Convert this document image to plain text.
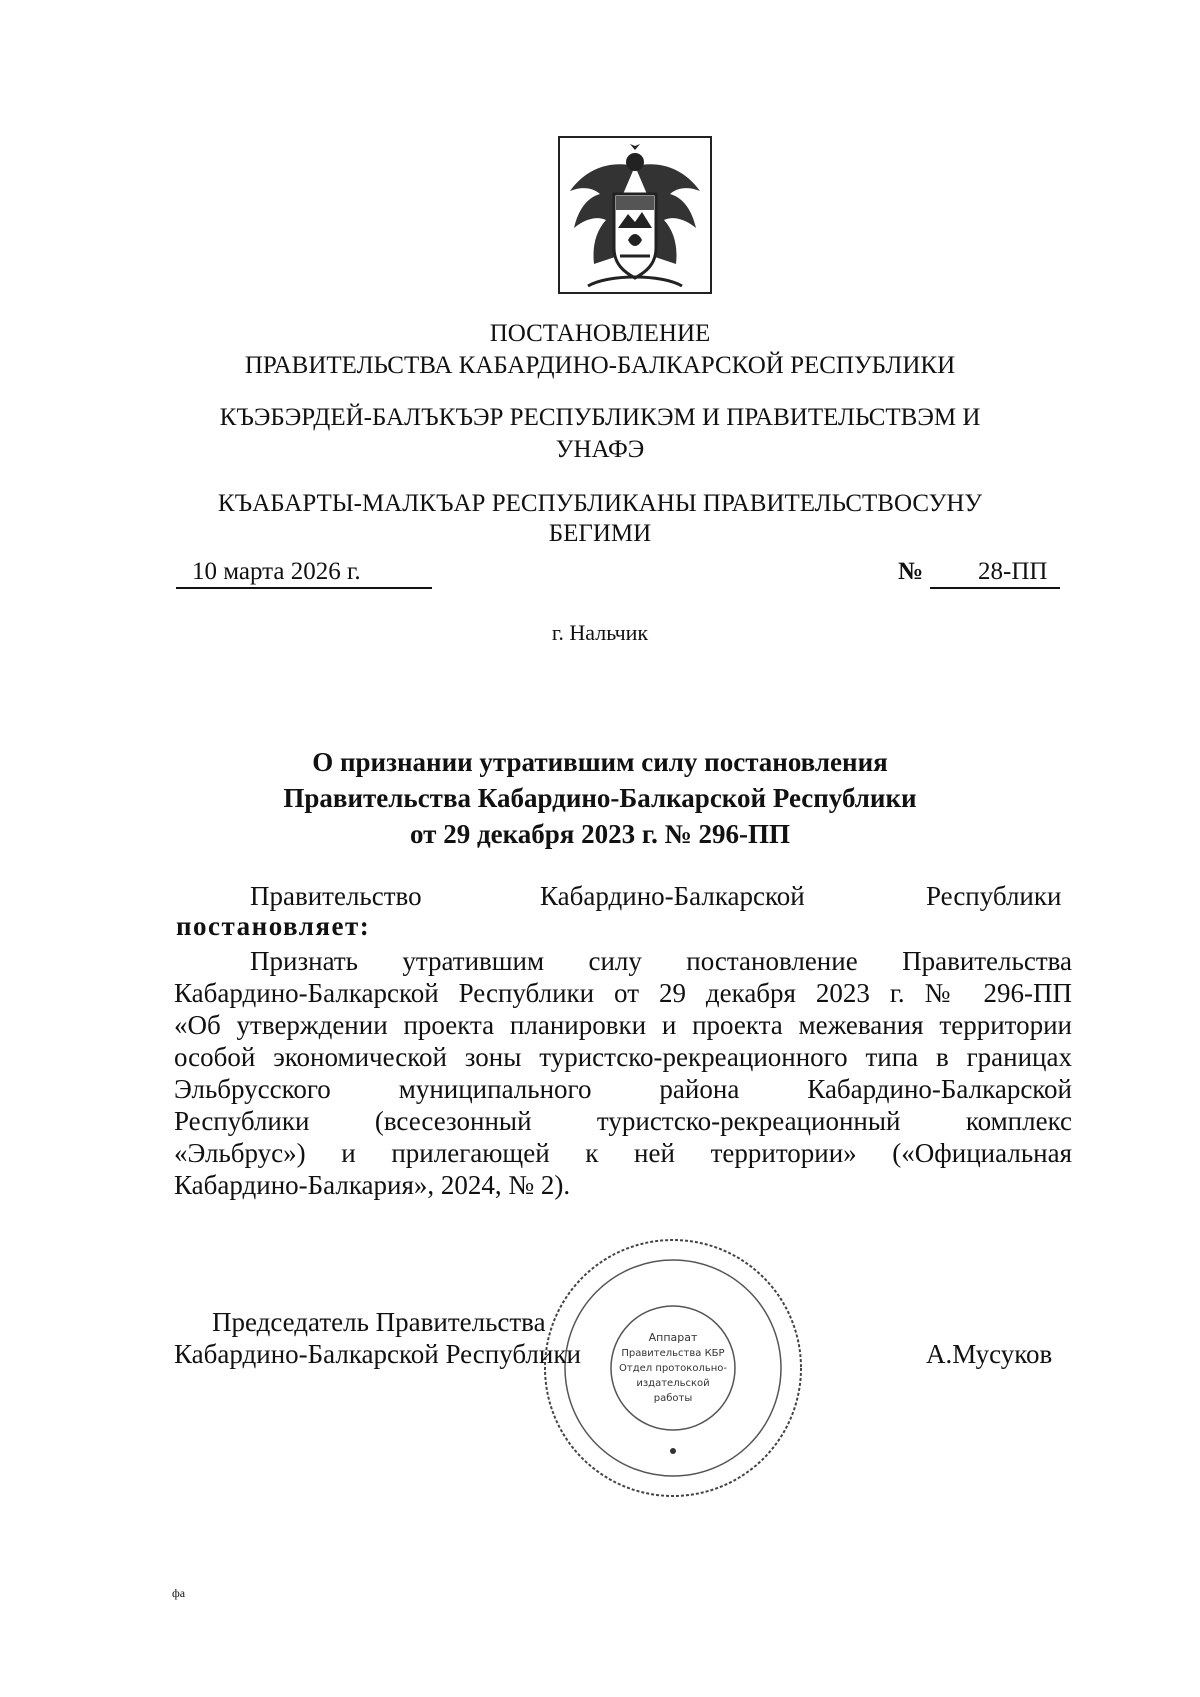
ПОСТАНОВЛЕНИЕ
ПРАВИТЕЛЬСТВА КАБАРДИНО-БАЛКАРСКОЙ РЕСПУБЛИКИ
КЪЭБЭРДЕЙ-БАЛЪКЪЭР РЕСПУБЛИКЭМ И ПРАВИТЕЛЬСТВЭМ И
УНАФЭ
КЪАБАРТЫ-МАЛКЪАР РЕСПУБЛИКАНЫ ПРАВИТЕЛЬСТВОСУНУ
БЕГИМИ
10 марта 2026 г.	№ 28-ПП
г. Нальчик
О признании утратившим силу постановления
Правительства Кабардино-Балкарской Республики
от 29 декабря 2023 г. № 296-ПП
Правительство	Кабардино-Балкарской	Республики
постановляет:
Признать утратившим силу постановление Правительства
Кабардино-Балкарской Республики от 29 декабря 2023 г. № 296-ПП
«Об утверждении проекта планировки и проекта межевания территории
особой экономической зоны туристско-рекреационного типа в границах
Эльбрусского муниципального района Кабардино-Балкарской
Республики (всесезонный туристско-рекреационный комплекс
«Эльбрус») и прилегающей к ней территории» («Официальная
Кабардино-Балкария», 2024, № 2).
Аппарат
Правительства КБР
Отдел протокольно-
издательской
работы
Председатель Правительства
Кабардино-Балкарской Республики	А.Мусуков
фа
